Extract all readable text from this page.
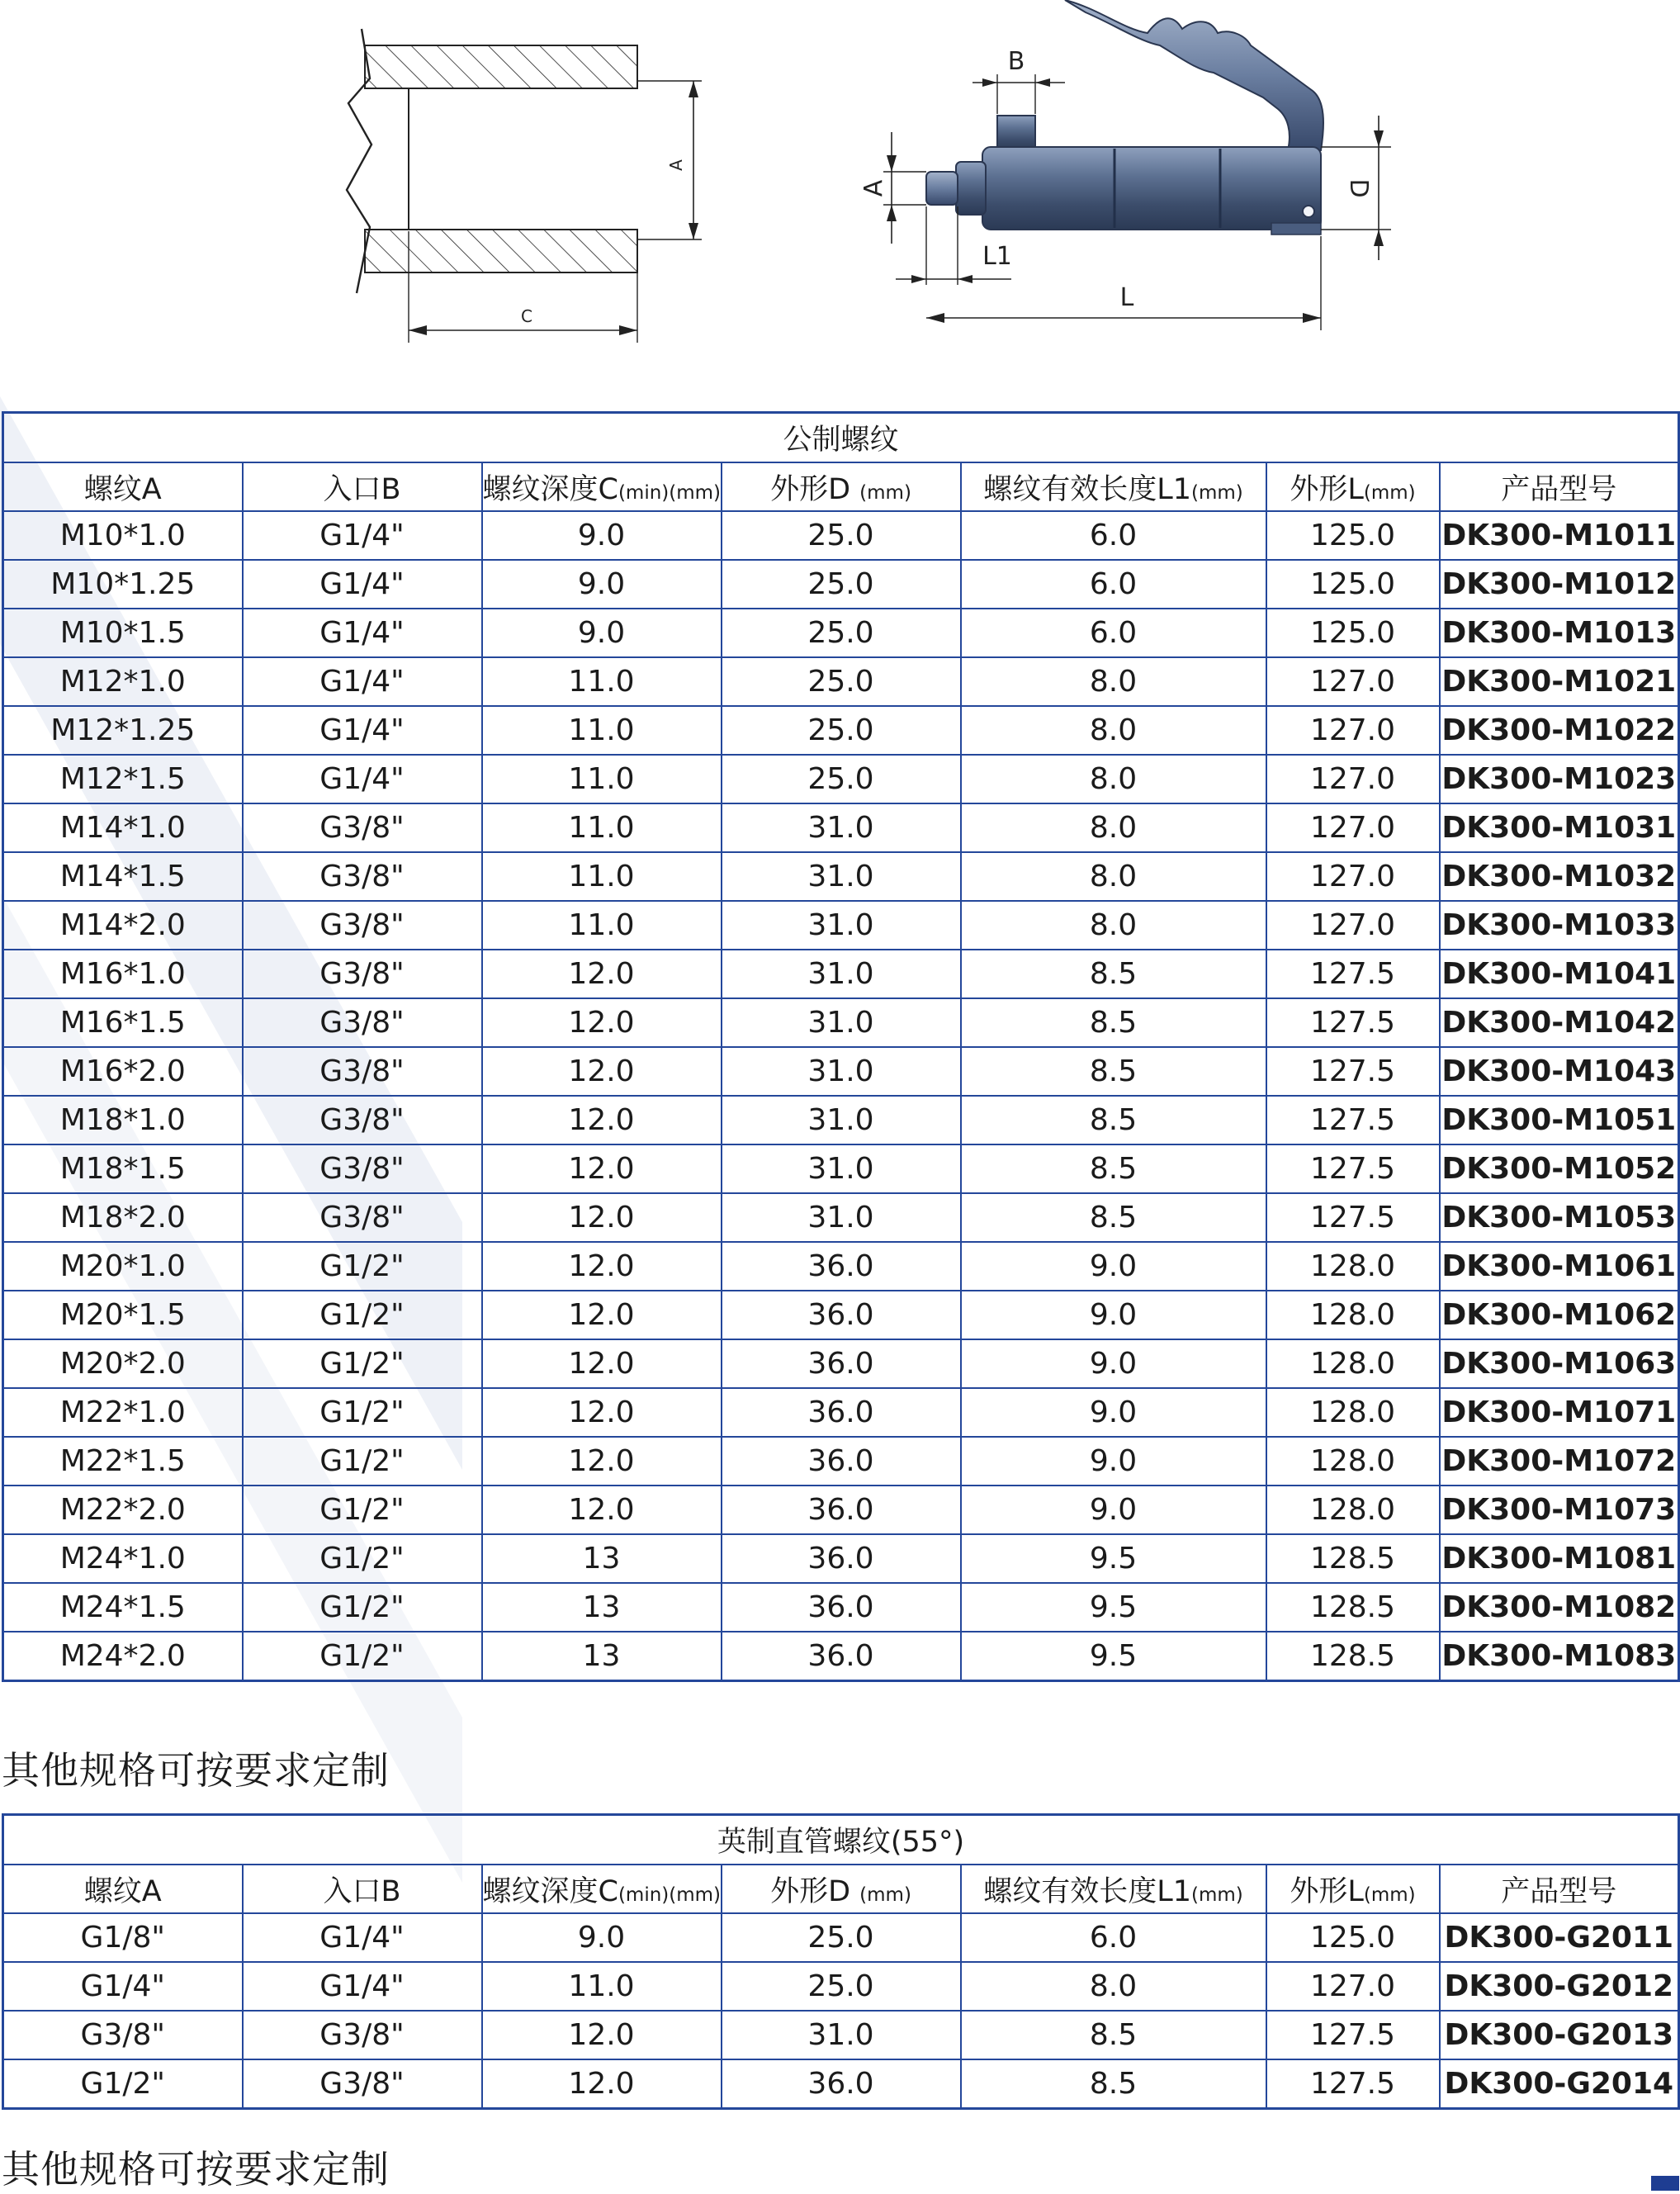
A
C
B
A	D
L1
L
公制螺纹						
螺纹A	入口B	螺纹深度C(min)(mm)	外形D (mm)	螺纹有效长度L1(mm)	外形L(mm)	产品型号
M10*1.0	G1/4"	9.0	25.0	6.0	125.0	DK300-M1011
M10*1.25	G1/4"	9.0	25.0	6.0	125.0	DK300-M1012
M10*1.5	G1/4"	9.0	25.0	6.0	125.0	DK300-M1013
M12*1.0	G1/4"	11.0	25.0	8.0	127.0	DK300-M1021
M12*1.25	G1/4"	11.0	25.0	8.0	127.0	DK300-M1022
M12*1.5	G1/4"	11.0	25.0	8.0	127.0	DK300-M1023
M14*1.0	G3/8"	11.0	31.0	8.0	127.0	DK300-M1031
M14*1.5	G3/8"	11.0	31.0	8.0	127.0	DK300-M1032
M14*2.0	G3/8"	11.0	31.0	8.0	127.0	DK300-M1033
M16*1.0	G3/8"	12.0	31.0	8.5	127.5	DK300-M1041
M16*1.5	G3/8"	12.0	31.0	8.5	127.5	DK300-M1042
M16*2.0	G3/8"	12.0	31.0	8.5	127.5	DK300-M1043
M18*1.0	G3/8"	12.0	31.0	8.5	127.5	DK300-M1051
M18*1.5	G3/8"	12.0	31.0	8.5	127.5	DK300-M1052
M18*2.0	G3/8"	12.0	31.0	8.5	127.5	DK300-M1053
M20*1.0	G1/2"	12.0	36.0	9.0	128.0	DK300-M1061
M20*1.5	G1/2"	12.0	36.0	9.0	128.0	DK300-M1062
M20*2.0	G1/2"	12.0	36.0	9.0	128.0	DK300-M1063
M22*1.0	G1/2"	12.0	36.0	9.0	128.0	DK300-M1071
M22*1.5	G1/2"	12.0	36.0	9.0	128.0	DK300-M1072
M22*2.0	G1/2"	12.0	36.0	9.0	128.0	DK300-M1073
M24*1.0	G1/2"	13	36.0	9.5	128.5	DK300-M1081
M24*1.5	G1/2"	13	36.0	9.5	128.5	DK300-M1082
M24*2.0	G1/2"	13	36.0	9.5	128.5	DK300-M1083
其他规格可按要求定制
英制直管螺纹(55°)						
螺纹A	入口B	螺纹深度C(min)(mm)	外形D (mm)	螺纹有效长度L1(mm)	外形L(mm)	产品型号
G1/8"	G1/4"	9.0	25.0	6.0	125.0	DK300-G2011
G1/4"	G1/4"	11.0	25.0	8.0	127.0	DK300-G2012
G3/8"	G3/8"	12.0	31.0	8.5	127.5	DK300-G2013
G1/2"	G3/8"	12.0	36.0	8.5	127.5	DK300-G2014
其他规格可按要求定制
